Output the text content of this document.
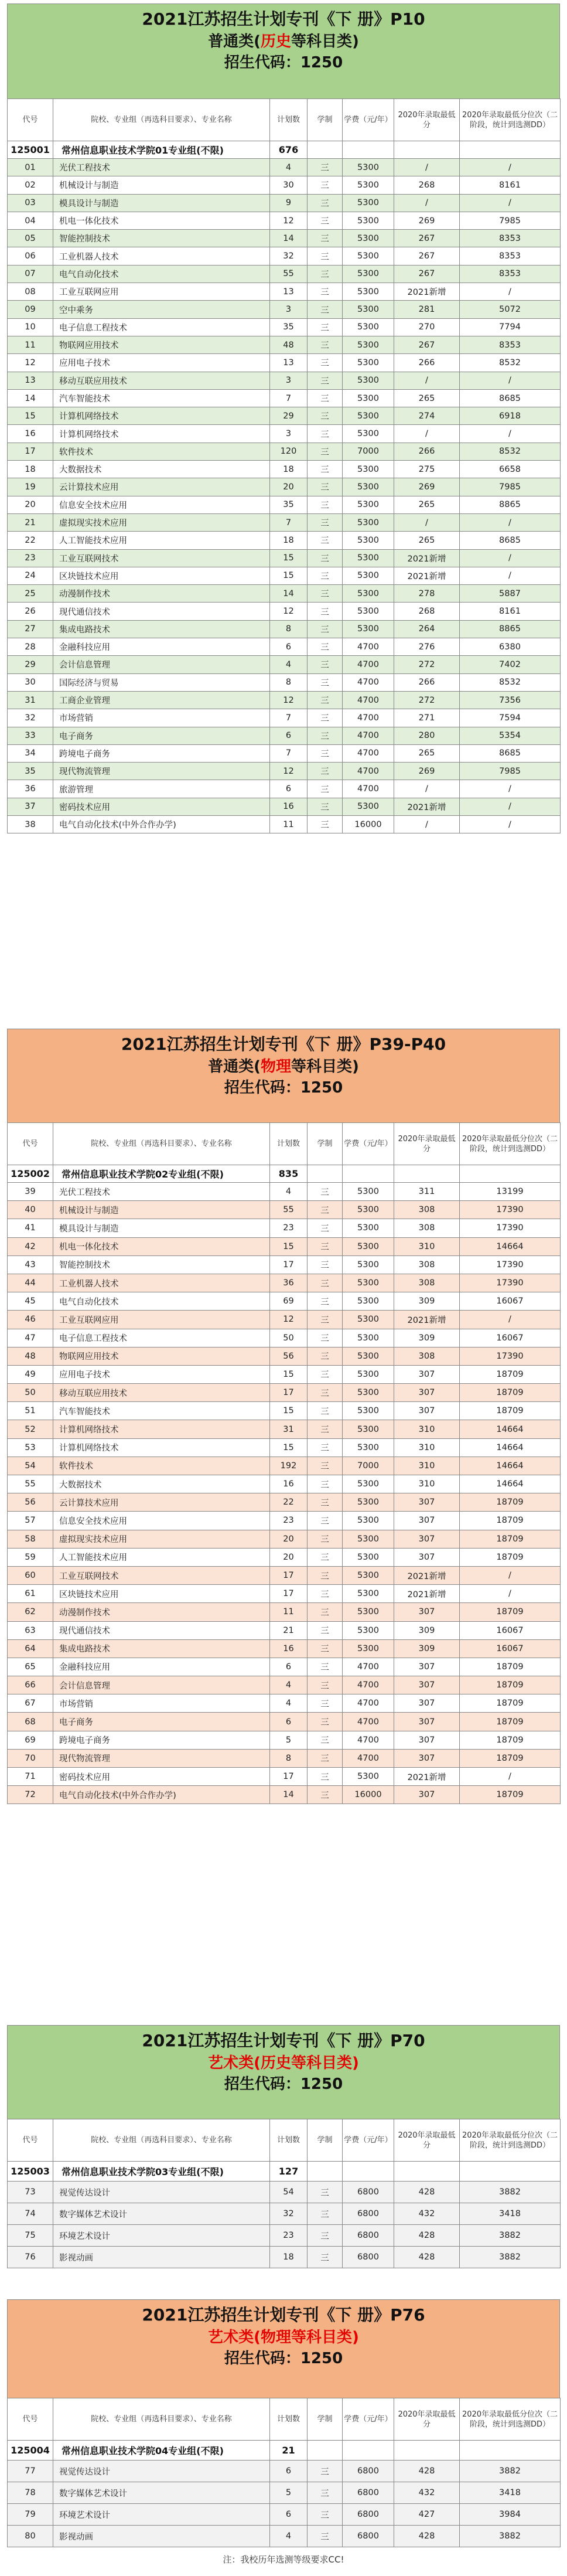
2021江苏招生计划专刊《下 册》P10
普通类(历史等科目类)
招生代码：1250
代号	院校、专业组（再选科目要求）、专业名称	计划数	学制	学费（元/年）	2020年录取最低分	2020年录取最低分位次（二阶段，统计到选测DD）
125001	常州信息职业技术学院01专业组(不限)	676				
01	光伏工程技术	4	三	5300	/	/
02	机械设计与制造	30	三	5300	268	8161
03	模具设计与制造	9	三	5300	/	/
04	机电一体化技术	12	三	5300	269	7985
05	智能控制技术	14	三	5300	267	8353
06	工业机器人技术	32	三	5300	267	8353
07	电气自动化技术	55	三	5300	267	8353
08	工业互联网应用	13	三	5300	2021新增	/
09	空中乘务	3	三	5300	281	5072
10	电子信息工程技术	35	三	5300	270	7794
11	物联网应用技术	48	三	5300	267	8353
12	应用电子技术	13	三	5300	266	8532
13	移动互联应用技术	3	三	5300	/	/
14	汽车智能技术	7	三	5300	265	8685
15	计算机网络技术	29	三	5300	274	6918
16	计算机网络技术	3	三	5300	/	/
17	软件技术	120	三	7000	266	8532
18	大数据技术	18	三	5300	275	6658
19	云计算技术应用	20	三	5300	269	7985
20	信息安全技术应用	35	三	5300	265	8865
21	虚拟现实技术应用	7	三	5300	/	/
22	人工智能技术应用	18	三	5300	265	8685
23	工业互联网技术	15	三	5300	2021新增	/
24	区块链技术应用	15	三	5300	2021新增	/
25	动漫制作技术	14	三	5300	278	5887
26	现代通信技术	12	三	5300	268	8161
27	集成电路技术	8	三	5300	264	8865
28	金融科技应用	6	三	4700	276	6380
29	会计信息管理	4	三	4700	272	7402
30	国际经济与贸易	8	三	4700	266	8532
31	工商企业管理	12	三	4700	272	7356
32	市场营销	7	三	4700	271	7594
33	电子商务	6	三	4700	280	5354
34	跨境电子商务	7	三	4700	265	8685
35	现代物流管理	12	三	4700	269	7985
36	旅游管理	6	三	4700	/	/
37	密码技术应用	16	三	5300	2021新增	/
38	电气自动化技术(中外合作办学)	11	三	16000	/	/
2021江苏招生计划专刊《下 册》P39-P40
普通类(物理等科目类)
招生代码：1250
代号	院校、专业组（再选科目要求）、专业名称	计划数	学制	学费（元/年）	2020年录取最低分	2020年录取最低分位次（二阶段，统计到选测DD）
125002	常州信息职业技术学院02专业组(不限)	835				
39	光伏工程技术	4	三	5300	311	13199
40	机械设计与制造	55	三	5300	308	17390
41	模具设计与制造	23	三	5300	308	17390
42	机电一体化技术	15	三	5300	310	14664
43	智能控制技术	17	三	5300	308	17390
44	工业机器人技术	36	三	5300	308	17390
45	电气自动化技术	69	三	5300	309	16067
46	工业互联网应用	12	三	5300	2021新增	/
47	电子信息工程技术	50	三	5300	309	16067
48	物联网应用技术	56	三	5300	308	17390
49	应用电子技术	15	三	5300	307	18709
50	移动互联应用技术	17	三	5300	307	18709
51	汽车智能技术	15	三	5300	307	18709
52	计算机网络技术	31	三	5300	310	14664
53	计算机网络技术	15	三	5300	310	14664
54	软件技术	192	三	7000	310	14664
55	大数据技术	16	三	5300	310	14664
56	云计算技术应用	22	三	5300	307	18709
57	信息安全技术应用	23	三	5300	307	18709
58	虚拟现实技术应用	20	三	5300	307	18709
59	人工智能技术应用	20	三	5300	307	18709
60	工业互联网技术	17	三	5300	2021新增	/
61	区块链技术应用	17	三	5300	2021新增	/
62	动漫制作技术	11	三	5300	307	18709
63	现代通信技术	21	三	5300	309	16067
64	集成电路技术	16	三	5300	309	16067
65	金融科技应用	6	三	4700	307	18709
66	会计信息管理	4	三	4700	307	18709
67	市场营销	4	三	4700	307	18709
68	电子商务	6	三	4700	307	18709
69	跨境电子商务	5	三	4700	307	18709
70	现代物流管理	8	三	4700	307	18709
71	密码技术应用	17	三	5300	2021新增	/
72	电气自动化技术(中外合作办学)	14	三	16000	307	18709
2021江苏招生计划专刊《下 册》P70
艺术类(历史等科目类)
招生代码：1250
代号	院校、专业组（再选科目要求）、专业名称	计划数	学制	学费（元/年）	2020年录取最低分	2020年录取最低分位次（二阶段，统计到选测DD）
125003	常州信息职业技术学院03专业组(不限)	127				
73	视觉传达设计	54	三	6800	428	3882
74	数字媒体艺术设计	32	三	6800	432	3418
75	环境艺术设计	23	三	6800	428	3882
76	影视动画	18	三	6800	428	3882
2021江苏招生计划专刊《下 册》P76
艺术类(物理等科目类)
招生代码：1250
代号	院校、专业组（再选科目要求）、专业名称	计划数	学制	学费（元/年）	2020年录取最低分	2020年录取最低分位次（二阶段，统计到选测DD）
125004	常州信息职业技术学院04专业组(不限)	21				
77	视觉传达设计	6	三	6800	428	3882
78	数字媒体艺术设计	5	三	6800	432	3418
79	环境艺术设计	6	三	6800	427	3984
80	影视动画	4	三	6800	428	3882
注：我校历年选测等级要求CC!
